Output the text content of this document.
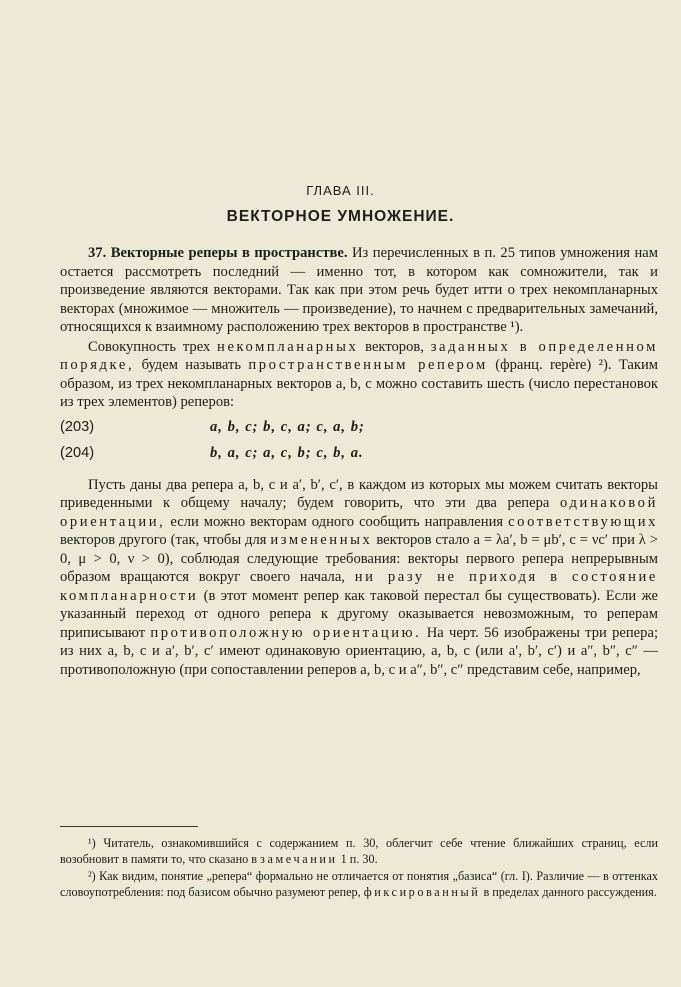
ГЛАВА III.
ВЕКТОРНОЕ УМНОЖЕНИЕ.

37. Векторные реперы в пространстве. Из перечисленных в п. 25 типов умножения нам остается рассмотреть последний — именно тот, в котором как сомножители, так и произведение являются векторами. Так как при этом речь будет итти о трех некомпланарных векторах (множимое — множитель — произведение), то начнем с предварительных замечаний, относящихся к взаимному расположению трех векторов в пространстве ¹).

Совокупность трех некомпланарных векторов, заданных в определенном порядке, будем называть пространственным репером (франц. repère) ²). Таким образом, из трех некомпланарных векторов a, b, c можно составить шесть (число перестановок из трех элементов) реперов:

(203)	a, b, c; b, c, a; c, a, b;
(204)	b, a, c; a, c, b; c, b, a.

Пусть даны два репера a, b, c и a′, b′, c′, в каждом из которых мы можем считать векторы приведенными к общему началу; будем говорить, что эти два репера одинаковой ориентации, если можно векторам одного сообщить направления соответствующих векторов другого (так, чтобы для измененных векторов стало a = λa′, b = μb′, c = νc′ при λ > 0, μ > 0, ν > 0), соблюдая следующие требования: векторы первого репера непрерывным образом вращаются вокруг своего начала, ни разу не приходя в состояние компланарности (в этот момент репер как таковой перестал бы существовать). Если же указанный переход от одного репера к другому оказывается невозможным, то реперам приписывают противоположную ориентацию. На черт. 56 изображены три репера; из них a, b, c и a′, b′, c′ имеют одинаковую ориентацию, a, b, c (или a′, b′, c′) и a″, b″, c″ — противоположную (при сопоставлении реперов a, b, c и a″, b″, c″ представим себе, например,

¹) Читатель, ознакомившийся с содержанием п. 30, облегчит себе чтение ближайших страниц, если возобновит в памяти то, что сказано в замечании 1 п. 30.

²) Как видим, понятие „репера“ формально не отличается от понятия „базиса“ (гл. I). Различие — в оттенках словоупотребления: под базисом обычно разумеют репер, фиксированный в пределах данного рассуждения.
